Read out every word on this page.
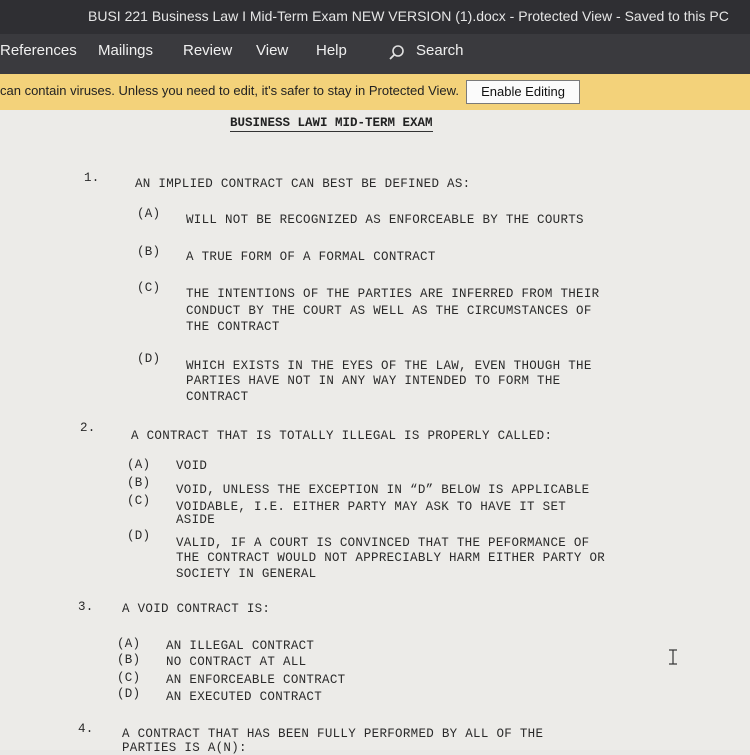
BUSI 221 Business Law I Mid-Term Exam NEW VERSION (1).docx - Protected View - Saved to this PC
References Mailings Review View Help	Search
can contain viruses. Unless you need to edit, it's safer to stay in Protected View.	Enable Editing
BUSINESS LAWI MID-TERM EXAM
1.	AN IMPLIED CONTRACT CAN BEST BE DEFINED AS:
(A) WILL NOT BE RECOGNIZED AS ENFORCEABLE BY THE COURTS
(B) A TRUE FORM OF A FORMAL CONTRACT
(C) THE INTENTIONS OF THE PARTIES ARE INFERRED FROM THEIR
CONDUCT BY THE COURT AS WELL AS THE CIRCUMSTANCES OF
THE CONTRACT
(D) WHICH EXISTS IN THE EYES OF THE LAW, EVEN THOUGH THE
PARTIES HAVE NOT IN ANY WAY INTENDED TO FORM THE
CONTRACT
2.
A CONTRACT THAT IS TOTALLY ILLEGAL IS PROPERLY CALLED:
(A) VOID
(B) VOID, UNLESS THE EXCEPTION IN “D” BELOW IS APPLICABLE
(C) VOIDABLE, I.E. EITHER PARTY MAY ASK TO HAVE IT SET
ASIDE
(D) VALID, IF A COURT IS CONVINCED THAT THE PEFORMANCE OF
THE CONTRACT WOULD NOT APPRECIABLY HARM EITHER PARTY OR
SOCIETY IN GENERAL
3. A VOID CONTRACT IS:
(A) AN ILLEGAL CONTRACT
(B) NO CONTRACT AT ALL
(C) AN ENFORCEABLE CONTRACT
(D) AN EXECUTED CONTRACT
4. A CONTRACT THAT HAS BEEN FULLY PERFORMED BY ALL OF THE
PARTIES IS A(N):
